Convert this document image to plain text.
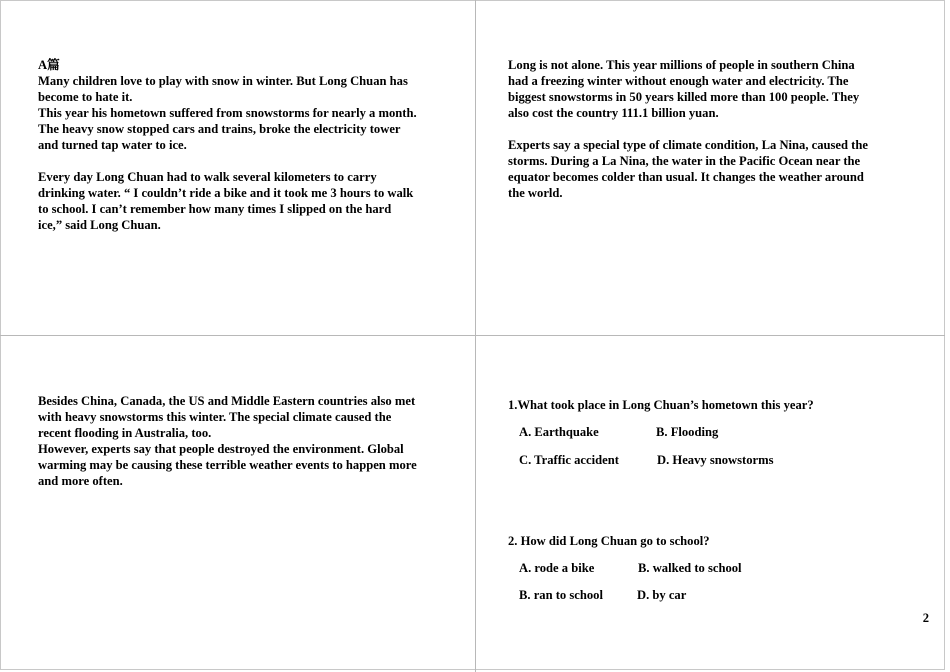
A篇

Many children love to play with snow in winter. But Long Chuan has

become to hate it.

This year his hometown suffered from snowstorms for nearly a month.

The heavy snow stopped cars and trains, broke the electricity tower

and turned tap water to ice.

Every day Long Chuan had to walk several kilometers to carry

drinking water. “ I couldn’t ride a bike and it took me 3 hours to walk

to school. I can’t remember how many times I slipped on the hard

ice,” said Long Chuan.

Long is not alone. This year millions of people in southern China

had a freezing winter without enough water and electricity. The

biggest snowstorms in 50 years killed more than 100 people. They

also cost the country 111.1 billion yuan.

Experts say a special type of climate condition, La Nina, caused the

storms. During a La Nina, the water in the Pacific Ocean near the

equator becomes colder than usual. It changes the weather around

the world.

Besides China, Canada, the US and Middle Eastern countries also met

with heavy snowstorms this winter. The special climate caused the

recent flooding in Australia, too.

However, experts say that people destroyed the environment. Global

warming may be causing these terrible weather events to happen more

and more often.

1.What took place in Long Chuan’s hometown this year?

A. Earthquake	B. Flooding
C. Traffic accident	D. Heavy snowstorms

2. How did Long Chuan go to school?

A. rode a bike	B. walked to school
B. ran to school	D. by car
2
